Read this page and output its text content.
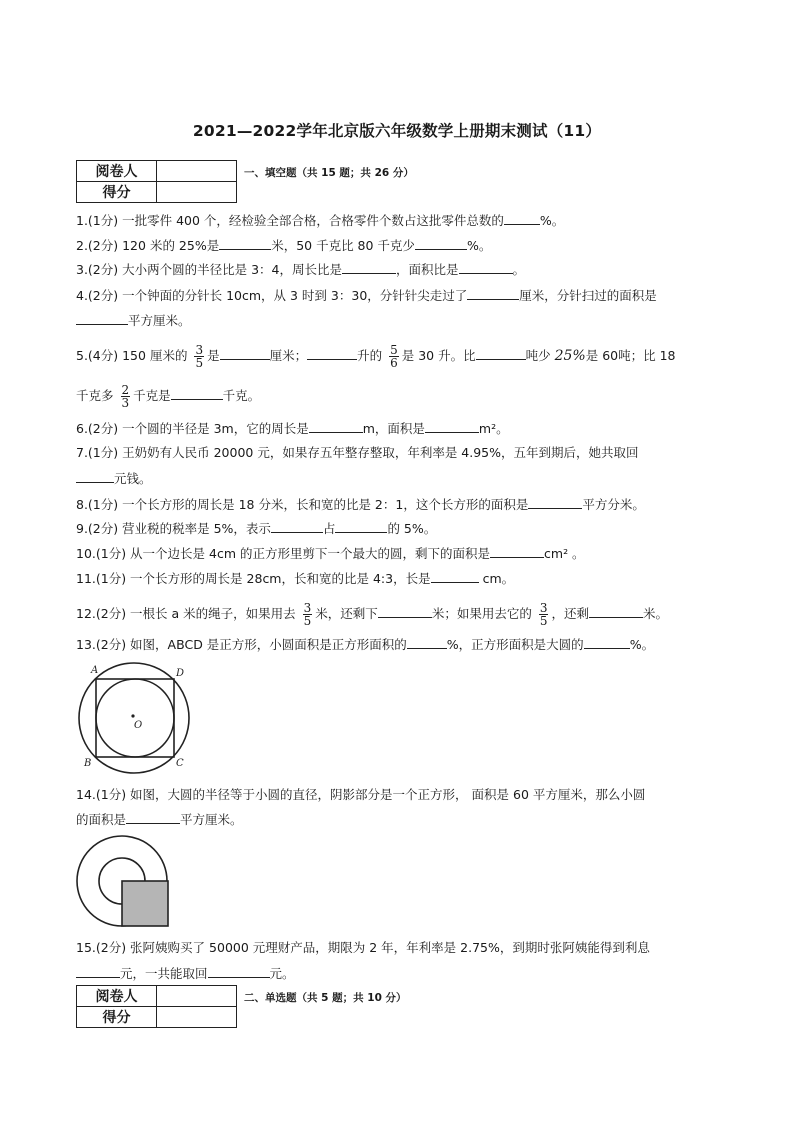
2021—2022学年北京版六年级数学上册期末测试（11）
阅卷人	
得分	
一、填空题（共 15 题；共 26 分）
1.(1分) 一批零件 400 个，经检验全部合格，合格零件个数占这批零件总数的	%。
2.(2分) 120 米的 25%是	米，50 千克比 80 千克少	%。
3.(2分) 大小两个圆的半径比是 3：4，周长比是	，面积比是	。
4.(2分) 一个钟面的分针长 10cm，从 3 时到 3：30，分针针尖走过了	厘米，分针扫过的面积是
平方厘米。
5.(4分) 150 厘米的 $\frac{3}{5}$ 是	厘米；	升的 $\frac{5}{6}$ 是 30 升。比	吨少 25%是 60吨；比 18
千克多 $\frac{2}{3}$ 千克是	千克。
6.(2分) 一个圆的半径是 3m，它的周长是	m，面积是	m²。
7.(1分) 王奶奶有人民币 20000 元，如果存五年整存整取，年利率是 4.95%，五年到期后，她共取回
元钱。
8.(1分) 一个长方形的周长是 18 分米，长和宽的比是 2：1，这个长方形的面积是	平方分米。
9.(2分) 营业税的税率是 5%，表示	占	的 5%。
10.(1分) 从一个边长是 4cm 的正方形里剪下一个最大的圆，剩下的面积是	cm² 。
11.(1分) 一个长方形的周长是 28cm，长和宽的比是 4:3，长是	cm。
12.(2分) 一根长 a 米的绳子，如果用去 $\frac{3}{5}$ 米，还剩下	米；如果用去它的 $\frac{3}{5}$ ，还剩	米。
13.(2分) 如图，ABCD 是正方形，小圆面积是正方形面积的	%，正方形面积是大圆的	%。
A	D
O
B	C
14.(1分) 如图，大圆的半径等于小圆的直径，阴影部分是一个正方形， 面积是 60 平方厘米，那么小圆
的面积是	平方厘米。
15.(2分) 张阿姨购买了 50000 元理财产品，期限为 2 年，年利率是 2.75%，到期时张阿姨能得到利息
元，一共能取回	元。
阅卷人	
得分	
二、单选题（共 5 题；共 10 分）
